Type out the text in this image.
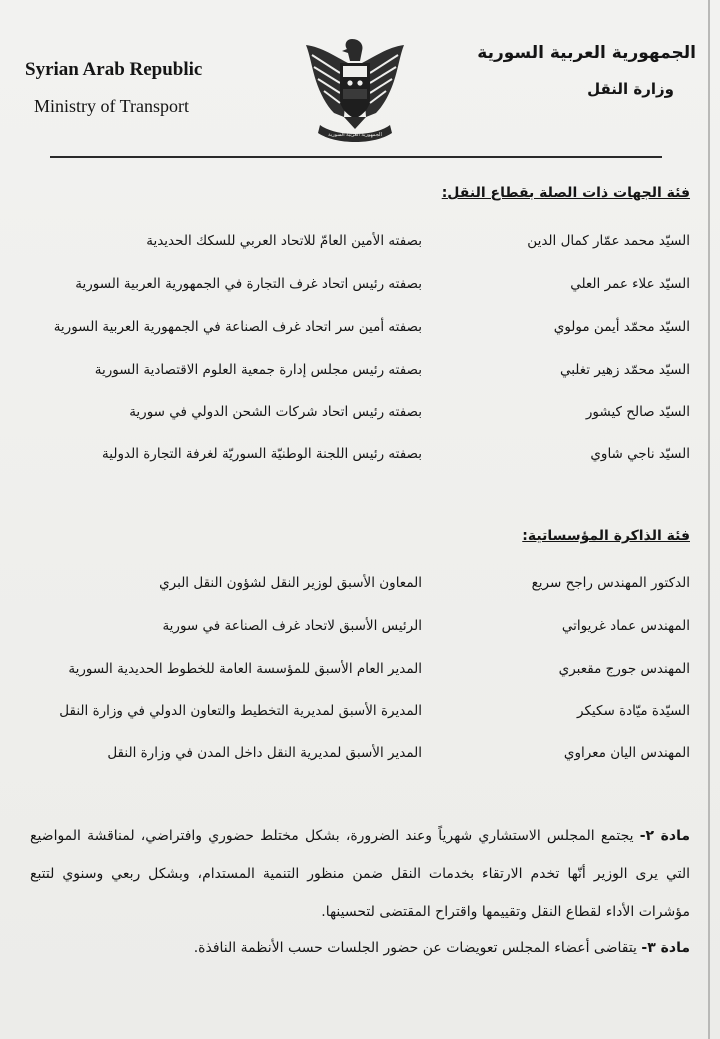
Syrian Arab Republic
Ministry of Transport
الجمهورية العربية السورية
الجمهورية العربية السورية
وزارة النقل
فئة الجهات ذات الصلة بقطاع النقل:
السيّد محمد عمّار كمال الدين
بصفته الأمين العامّ للاتحاد العربي للسكك الحديدية
السيّد علاء عمر العلي
بصفته رئيس اتحاد غرف التجارة في الجمهورية العربية السورية
السيّد محمّد أيمن مولوي
بصفته أمين سر اتحاد غرف الصناعة في الجمهورية العربية السورية
السيّد محمّد زهير تغلبي
بصفته رئيس مجلس إدارة جمعية العلوم الاقتصادية السورية
السيّد صالح كيشور
بصفته رئيس اتحاد شركات الشحن الدولي في سورية
السيّد ناجي شاوي
بصفته رئيس اللجنة الوطنيّة السوريّة لغرفة التجارة الدولية
فئة الذاكرة المؤسساتية:
الدكتور المهندس راجح سريع
المعاون الأسبق لوزير النقل لشؤون النقل البري
المهندس عماد غريواتي
الرئيس الأسبق لاتحاد غرف الصناعة في سورية
المهندس جورج مقعبري
المدير العام الأسبق للمؤسسة العامة للخطوط الحديدية السورية
السيّدة ميّادة سكيكر
المديرة الأسبق لمديرية التخطيط والتعاون الدولي في وزارة النقل
المهندس اليان معراوي
المدير الأسبق لمديرية النقل داخل المدن في وزارة النقل
مادة ٢- يجتمع المجلس الاستشاري شهرياً وعند الضرورة، بشكل مختلط حضوري وافتراضي، لمناقشة المواضيع التي يرى الوزير أنّها تخدم الارتقاء بخدمات النقل ضمن منظور التنمية المستدام، وبشكل ربعي وسنوي لتتبع مؤشرات الأداء لقطاع النقل وتقييمها واقتراح المقتضى لتحسينها.
مادة ٣- يتقاضى أعضاء المجلس تعويضات عن حضور الجلسات حسب الأنظمة النافذة.
